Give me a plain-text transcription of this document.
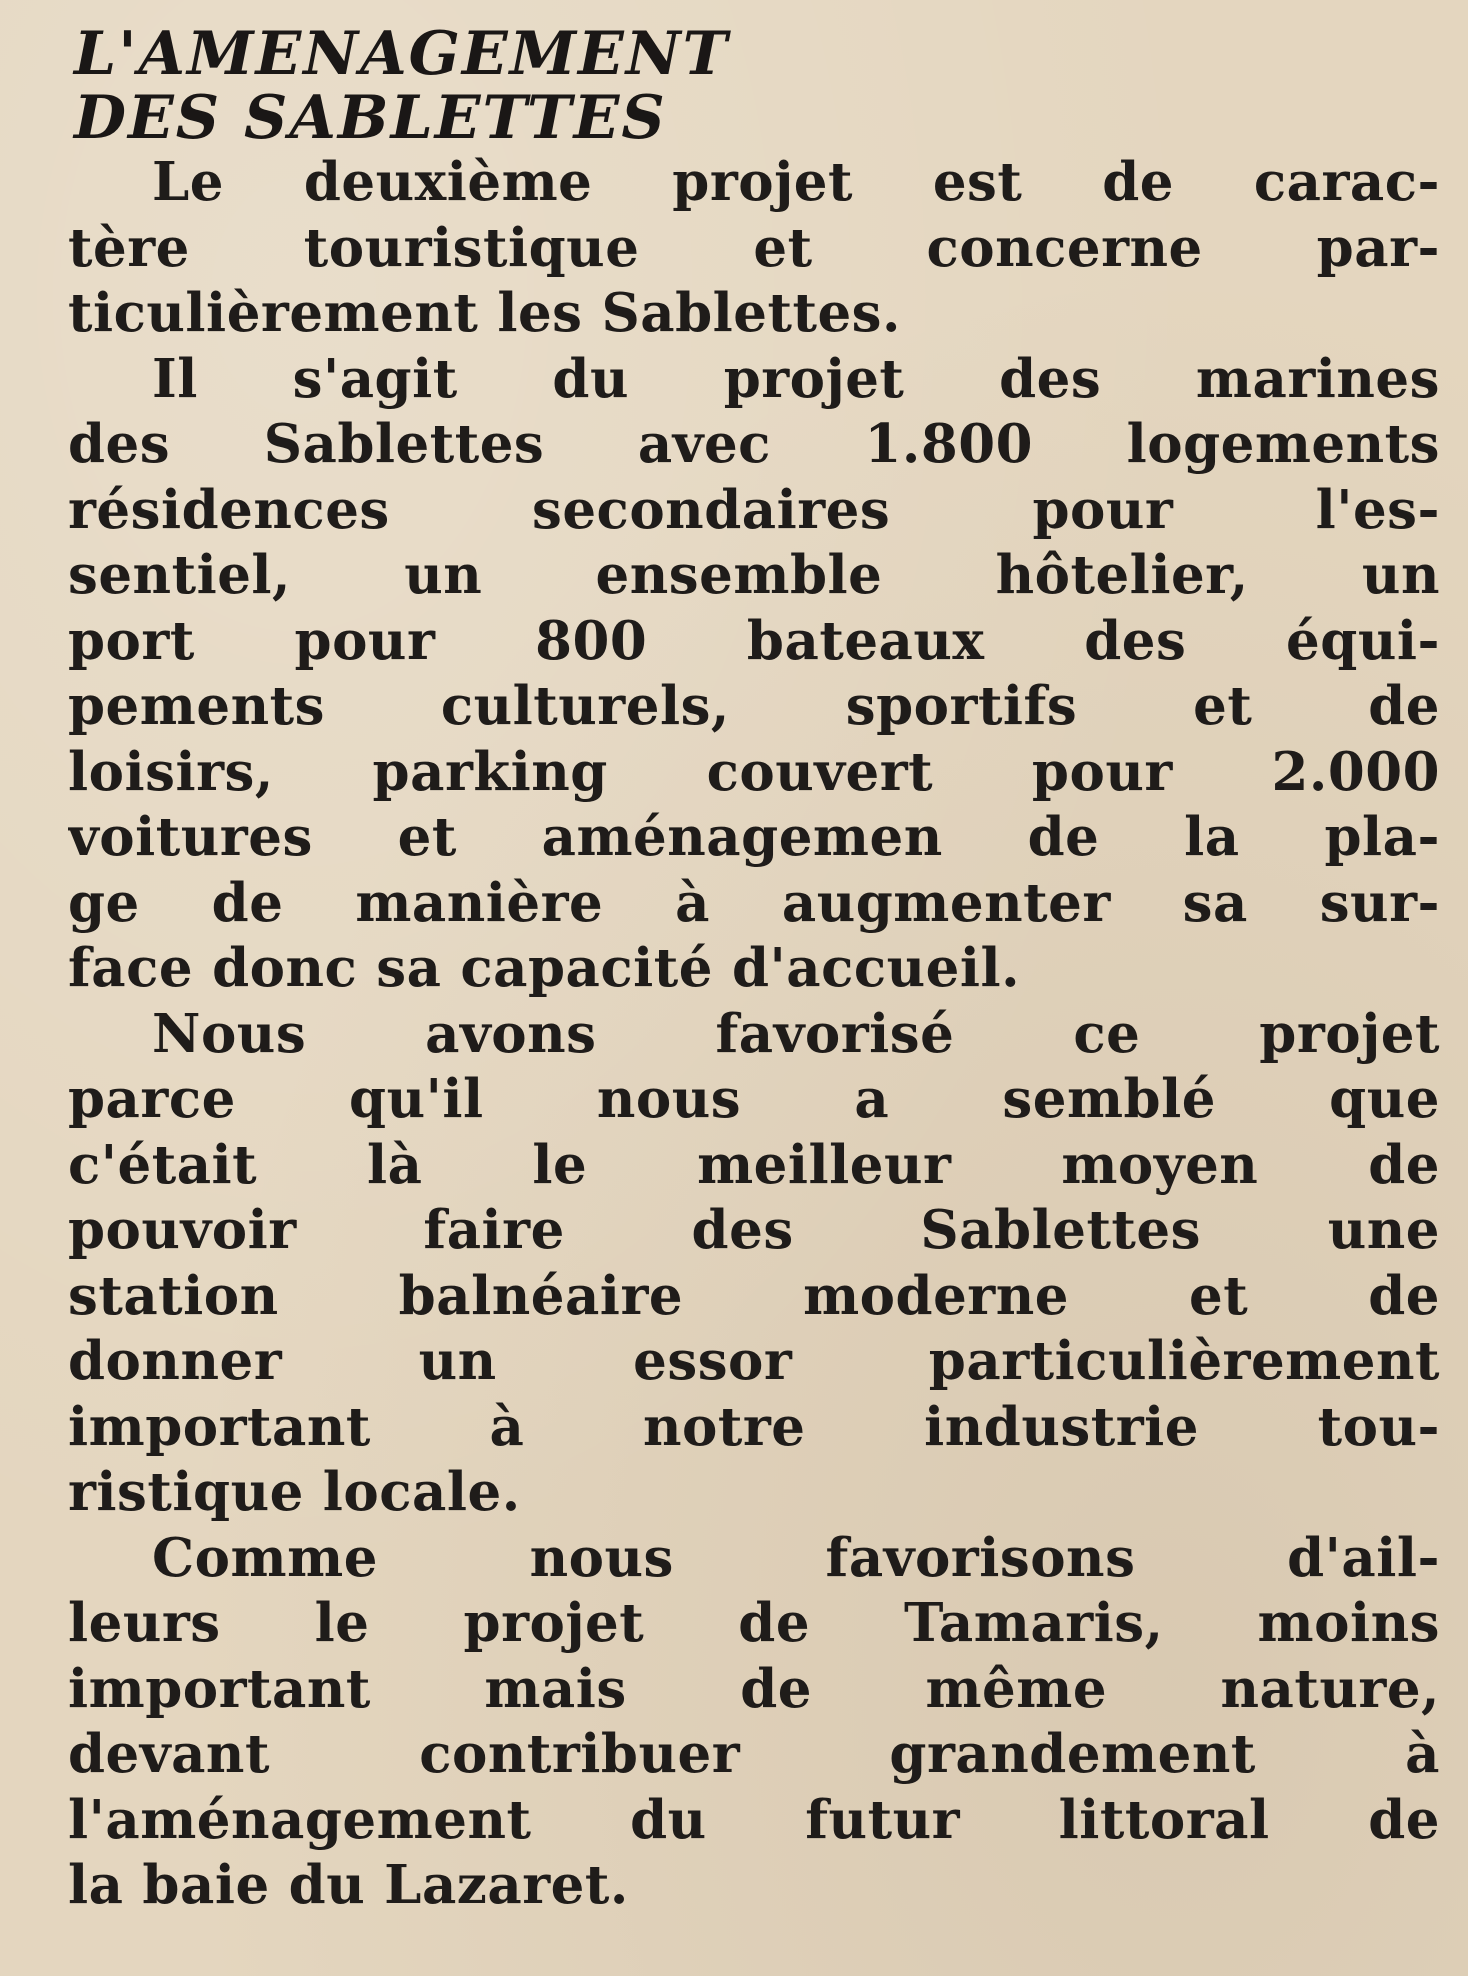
L'AMENAGEMENT
DES SABLETTES
Le deuxième projet est de carac-
tère touristique et concerne par-
ticulièrement les Sablettes.
Il s'agit du projet des marines
des Sablettes avec 1.800 logements
résidences secondaires pour l'es-
sentiel, un ensemble hôtelier, un
port pour 800 bateaux des équi-
pements culturels, sportifs et de
loisirs, parking couvert pour 2.000
voitures et aménagemen de la pla-
ge de manière à augmenter sa sur-
face donc sa capacité d'accueil.
Nous avons favorisé ce projet
parce qu'il nous a semblé que
c'était là le meilleur moyen de
pouvoir faire des Sablettes une
station balnéaire moderne et de
donner un essor particulièrement
important à notre industrie tou-
ristique locale.
Comme nous favorisons d'ail-
leurs le projet de Tamaris, moins
important mais de même nature,
devant contribuer grandement à
l'aménagement du futur littoral de
la baie du Lazaret.
